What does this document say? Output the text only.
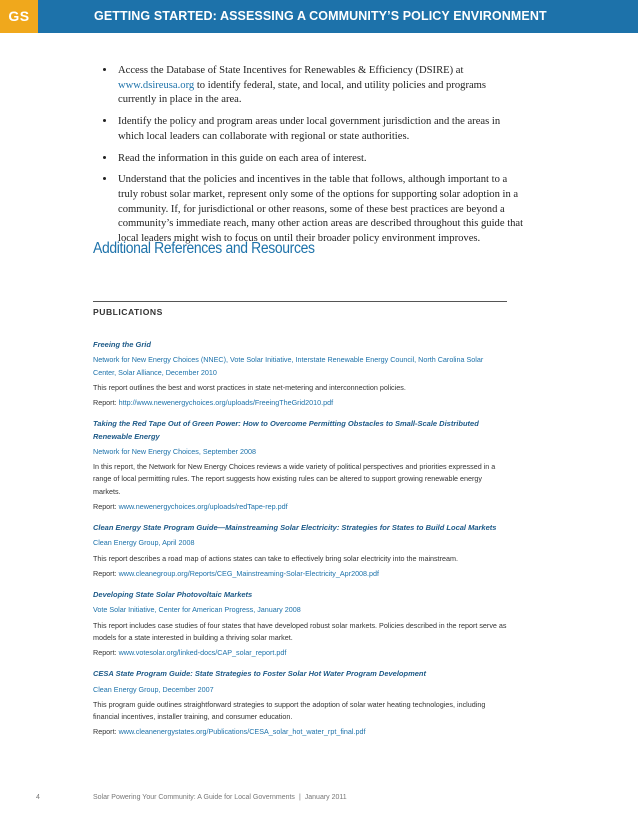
GS	GETTING STARTED: ASSESSING A COMMUNITY’S POLICY ENVIRONMENT
• Access the Database of State Incentives for Renewables & Efficiency (DSIRE) at www.dsireusa.org to identify federal, state, and local, and utility policies and programs currently in place in the area.
• Identify the policy and program areas under local government jurisdiction and the areas in which local leaders can collaborate with regional or state authorities.
• Read the information in this guide on each area of interest.
• Understand that the policies and incentives in the table that follows, although important to a truly robust solar market, represent only some of the options for supporting solar adoption in a community. If, for jurisdictional or other reasons, some of these best practices are beyond a community’s immediate reach, many other action areas are described throughout this guide that local leaders might wish to focus on until their broader policy environment improves.
Additional References and Resources
PUBLICATIONS
Freeing the Grid
Network for New Energy Choices (NNEC), Vote Solar Initiative, Interstate Renewable Energy Council, North Carolina Solar Center, Solar Alliance, December 2010
This report outlines the best and worst practices in state net-metering and interconnection policies.
Report: http://www.newenergychoices.org/uploads/FreeingTheGrid2010.pdf
Taking the Red Tape Out of Green Power: How to Overcome Permitting Obstacles to Small-Scale Distributed Renewable Energy
Network for New Energy Choices, September 2008
In this report, the Network for New Energy Choices reviews a wide variety of political perspectives and priorities expressed in a range of local permitting rules. The report suggests how existing rules can be altered to support growing renewable energy markets.
Report: www.newenergychoices.org/uploads/redTape-rep.pdf
Clean Energy State Program Guide—Mainstreaming Solar Electricity: Strategies for States to Build Local Markets
Clean Energy Group, April 2008
This report describes a road map of actions states can take to effectively bring solar electricity into the mainstream.
Report: www.cleanegroup.org/Reports/CEG_Mainstreaming-Solar-Electricity_Apr2008.pdf
Developing State Solar Photovoltaic Markets
Vote Solar Initiative, Center for American Progress, January 2008
This report includes case studies of four states that have developed robust solar markets. Policies described in the report serve as models for a state interested in building a thriving solar market.
Report: www.votesolar.org/linked-docs/CAP_solar_report.pdf
CESA State Program Guide: State Strategies to Foster Solar Hot Water Program Development
Clean Energy Group, December 2007
This program guide outlines straightforward strategies to support the adoption of solar water heating technologies, including financial incentives, installer training, and consumer education.
Report: www.cleanenergystates.org/Publications/CESA_solar_hot_water_rpt_final.pdf
4	Solar Powering Your Community: A Guide for Local Governments | January 2011
